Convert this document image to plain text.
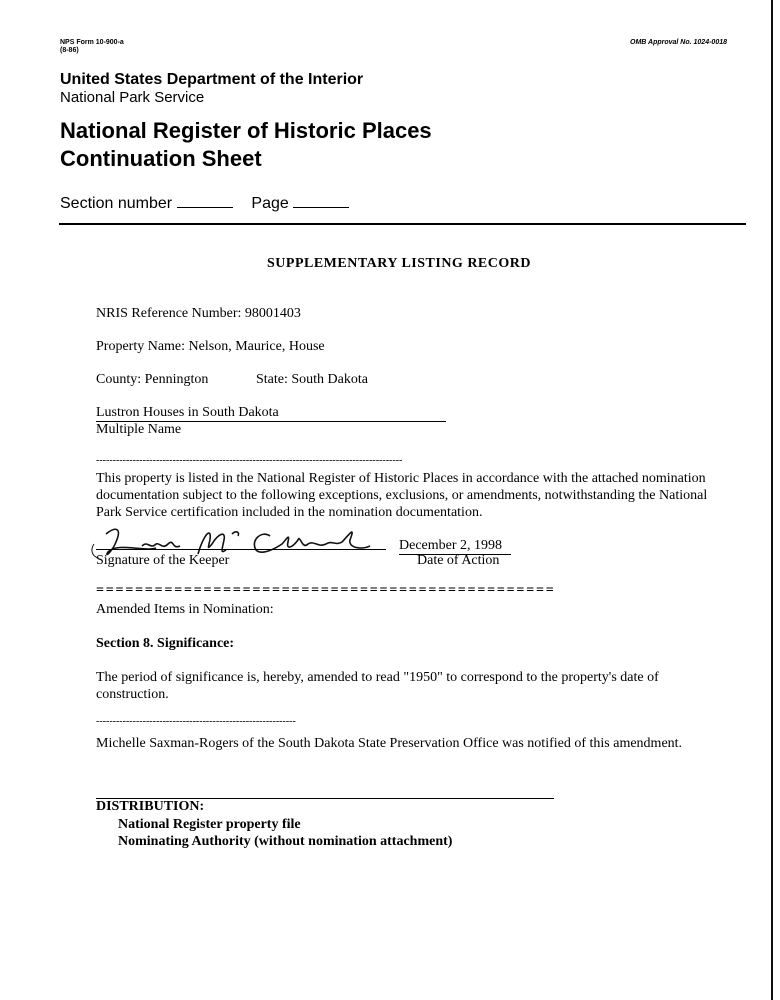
NPS Form 10-900-a
(8-86)
OMB Approval No. 1024-0018
United States Department of the Interior
National Park Service
National Register of Historic Places
Continuation Sheet
Section number	Page
SUPPLEMENTARY LISTING RECORD
NRIS Reference Number: 98001403
Property Name: Nelson, Maurice, House
County: Pennington	State: South Dakota
Lustron Houses in South Dakota
Multiple Name
--------------------------------------------------------------------------------------------
This property is listed in the National Register of Historic Places in accordance with the attached nomination documentation subject to the following exceptions, exclusions, or amendments, notwithstanding the National Park Service certification included in the nomination documentation.
Signature of the Keeper
December 2, 1998
Date of Action
===============================================
Amended Items in Nomination:
Section 8. Significance:
The period of significance is, hereby, amended to read "1950" to correspond to the property's date of construction.
------------------------------------------------------------
Michelle Saxman-Rogers of the South Dakota State Preservation Office was notified of this amendment.
DISTRIBUTION:
National Register property file
Nominating Authority (without nomination attachment)
